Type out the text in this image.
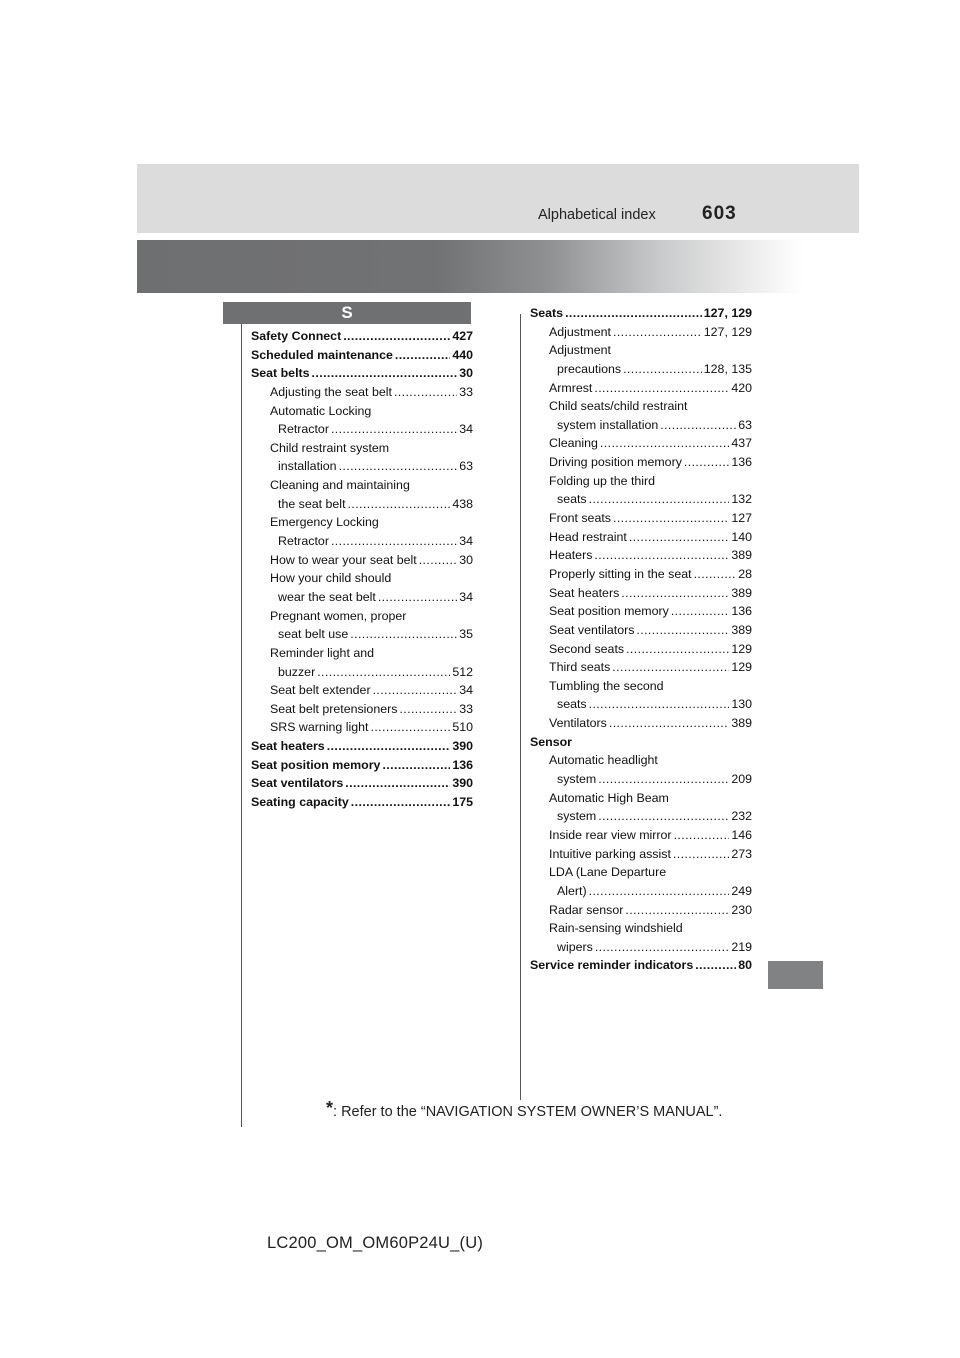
Alphabetical index 603
S
Safety Connect .....	427
Scheduled maintenance .....	440
Seat belts .....	30
Adjusting the seat belt .....	33
Automatic Locking
Retractor .....	34
Child restraint system
installation .....	63
Cleaning and maintaining
the seat belt .....	438
Emergency Locking
Retractor .....	34
How to wear your seat belt .....	30
How your child should
wear the seat belt .....	34
Pregnant women, proper
seat belt use .....	35
Reminder light and
buzzer .....	512
Seat belt extender .....	34
Seat belt pretensioners .....	33
SRS warning light .....	510
Seat heaters .....	390
Seat position memory .....	136
Seat ventilators .....	390
Seating capacity .....	175
Seats .....	127, 129
Adjustment .....	127, 129
Adjustment
precautions .....	128, 135
Armrest .....	420
Child seats/child restraint
system installation .....	63
Cleaning .....	437
Driving position memory .....	136
Folding up the third
seats .....	132
Front seats .....	127
Head restraint .....	140
Heaters .....	389
Properly sitting in the seat .....	28
Seat heaters .....	389
Seat position memory .....	136
Seat ventilators .....	389
Second seats .....	129
Third seats .....	129
Tumbling the second
seats .....	130
Ventilators .....	389
Sensor
Automatic headlight
system .....	209
Automatic High Beam
system .....	232
Inside rear view mirror .....	146
Intuitive parking assist .....	273
LDA (Lane Departure
Alert) .....	249
Radar sensor .....	230
Rain-sensing windshield
wipers .....	219
Service reminder indicators .....	80
*: Refer to the “NAVIGATION SYSTEM OWNER’S MANUAL”.
LC200_OM_OM60P24U_(U)
